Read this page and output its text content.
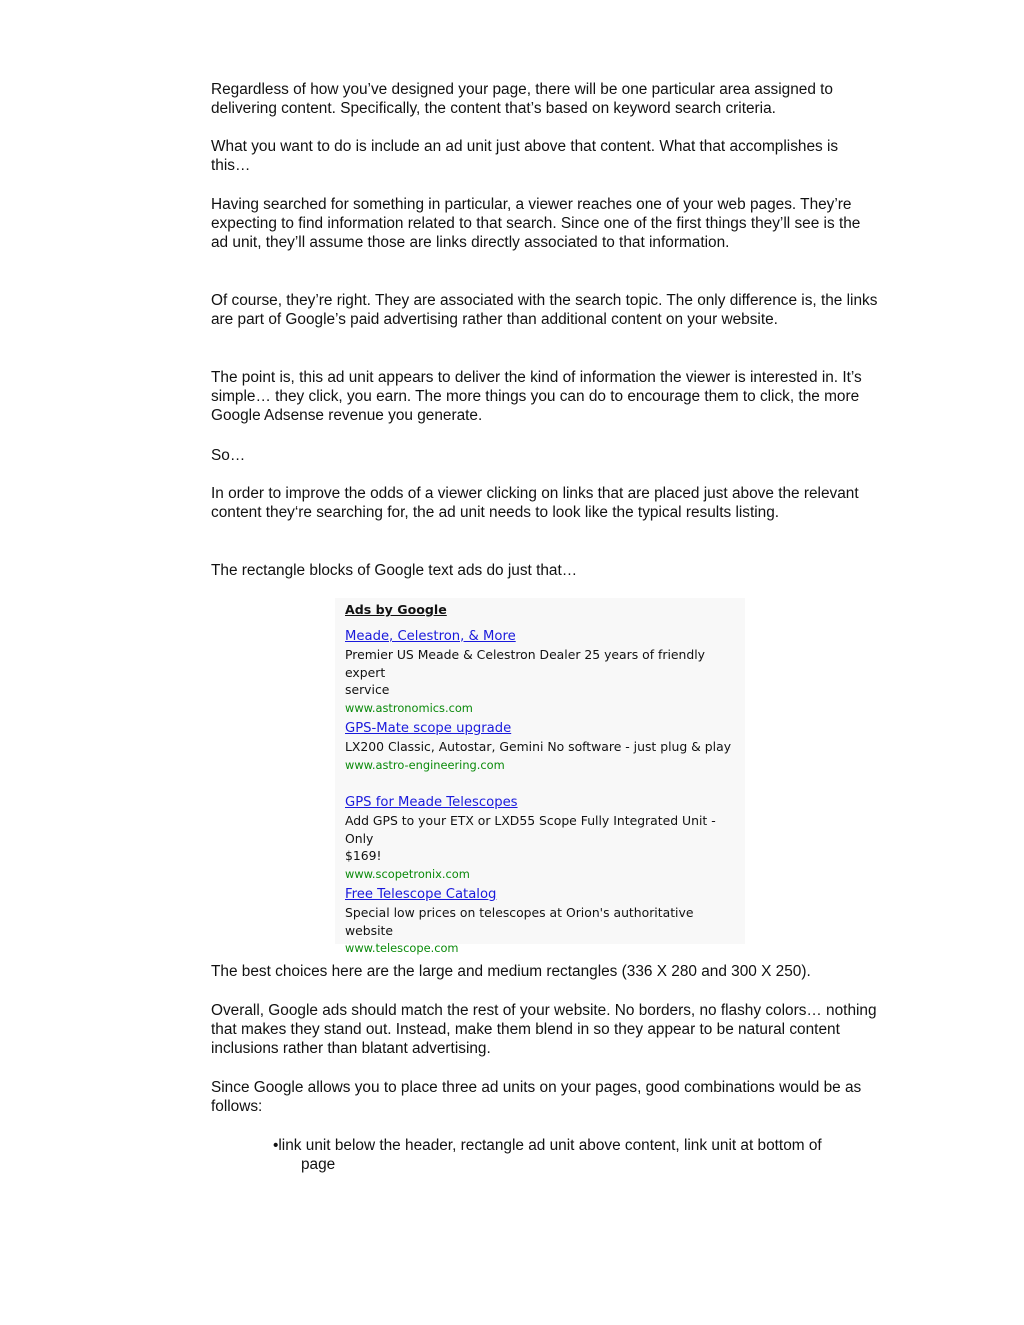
Regardless of how you’ve designed your page, there will be one particular area assigned to delivering content. Specifically, the content that’s based on keyword search criteria.

What you want to do is include an ad unit just above that content. What that accomplishes is this…

Having searched for something in particular, a viewer reaches one of your web pages. They’re expecting to find information related to that search. Since one of the first things they’ll see is the ad unit, they’ll assume those are links directly associated to that information.

Of course, they’re right. They are associated with the search topic. The only difference is, the links are part of Google’s paid advertising rather than additional content on your website.

The point is, this ad unit appears to deliver the kind of information the viewer is interested in. It’s simple… they click, you earn. The more things you can do to encourage them to click, the more Google Adsense revenue you generate.

So…

In order to improve the odds of a viewer clicking on links that are placed just above the relevant content they‘re searching for, the ad unit needs to look like the typical results listing.

The rectangle blocks of Google text ads do just that…

The best choices here are the large and medium rectangles (336 X 280 and 300 X 250).

Overall, Google ads should match the rest of your website. No borders, no flashy colors… nothing that makes they stand out. Instead, make them blend in so they appear to be natural content inclusions rather than blatant advertising.

Since Google allows you to place three ad units on your pages, good combinations would be as follows:

•link unit below the header, rectangle ad unit above content, link unit at bottom of
page
Ads by Google
Meade, Celestron, & More
Premier US Meade & Celestron Dealer 25 years of friendly expert
service
www.astronomics.com
GPS-Mate scope upgrade
LX200 Classic, Autostar, Gemini No software - just plug & play
www.astro-engineering.com
GPS for Meade Telescopes
Add GPS to your ETX or LXD55 Scope Fully Integrated Unit - Only
$169!
www.scopetronix.com
Free Telescope Catalog
Special low prices on telescopes at Orion's authoritative website
www.telescope.com
